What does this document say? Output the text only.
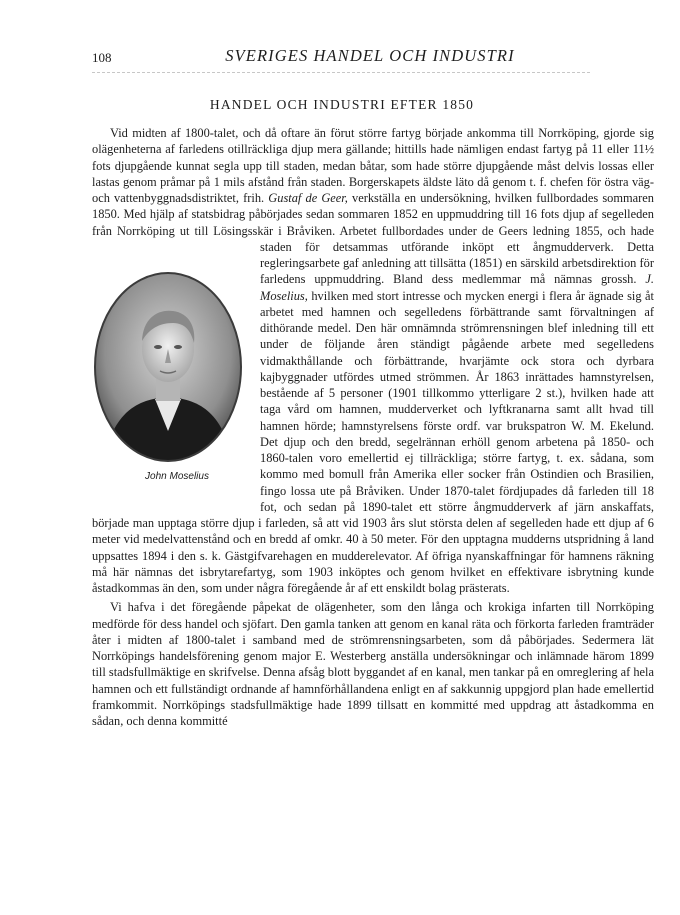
108	SVERIGES HANDEL OCH INDUSTRI
HANDEL OCH INDUSTRI EFTER 1850

Vid midten af 1800-talet, och då oftare än förut större fartyg började ankomma till Norrköping, gjorde sig olägenheterna af farledens otillräckliga djup mera gällande; hittills hade nämligen endast fartyg på 11 eller 11½ fots djupgående kunnat segla upp till staden, medan båtar, som hade större djupgående måst delvis lossas eller lastas genom pråmar på 1 mils afstånd från staden. Borgerskapets äldste läto då genom t. f. chefen för östra väg- och vattenbyggnadsdistriktet, frih. Gustaf de Geer, verkställa en undersökning, hvilken fullbordades sommaren 1850. Med hjälp af statsbidrag påbörjades sedan sommaren 1852 en uppmuddring till 16 fots djup af segelleden från Norrköping ut till Lösingsskär i Bråviken. Arbetet fullbordades under de Geers ledning 1855, och hade staden för detsammas utförande inköpt
John Moselius
ett ångmudderverk. Detta regleringsarbete gaf anledning att tillsätta (1851) en särskild arbetsdirektion för farledens uppmuddring. Bland dess medlemmar må nämnas grossh. J. Moselius, hvilken med stort intresse och mycken energi i flera år ägnade sig åt arbetet med hamnen och segelledens förbättrande samt förvaltningen af dithörande medel. Den här omnämnda strömrensningen blef inledning till ett under de följande åren ständigt pågående arbete med segelledens vidmakthållande och förbättrande, hvarjämte ock stora och dyrbara kajbyggnader utfördes utmed strömmen. År 1863 inrättades hamnstyrelsen, bestående af 5 personer (1901 tillkommo ytterligare 2 st.), hvilken hade att taga vård om hamnen, mudderverket och lyftkranarna samt allt hvad till hamnen hörde; hamnstyrelsens förste ordf. var brukspatron W. M. Ekelund. Det djup och den bredd, segelrännan erhöll genom arbetena på 1850- och 1860-talen voro emellertid ej tillräckliga; större fartyg, t. ex. sådana, som kommo med bomull från Amerika eller socker från Ostindien och Brasilien, fingo lossa ute på Bråviken. Under 1870-talet fördjupades då farleden till 18 fot, och sedan på 1890-talet ett större ångmudderverk af järn anskaffats, började man upptaga större djup i farleden, så att vid 1903 års slut största delen af segelleden hade ett djup af 6 meter vid medelvattenstånd och en bredd af omkr. 40 à 50 meter. För den upptagna mudderns utspridning å land uppsattes 1894 i den s. k. Gästgifvarehagen en mudderelevator. Af öfriga nyanskaffningar för hamnens räkning må här nämnas det isbrytarefartyg, som 1903 inköptes och genom hvilket en effektivare isbrytning kunde åstadkommas än den, som under några föregående år af ett enskildt bolag prästerats.

Vi hafva i det föregående påpekat de olägenheter, som den långa och krokiga infarten till Norrköping medförde för dess handel och sjöfart. Den gamla tanken att genom en kanal räta och förkorta farleden framträder åter i midten af 1800-talet i samband med de strömrensningsarbeten, som då påbörjades. Sedermera lät Norrköpings handelsförening genom major E. Westerberg anställa undersökningar och inlämnade härom 1899 till stadsfullmäktige en skrifvelse. Denna afsåg blott byggandet af en kanal, men tankar på en omreglering af hela hamnen och ett fullständigt ordnande af hamnförhållandena enligt en af sakkunnig uppgjord plan hade emellertid framkommit. Norrköpings stadsfullmäktige hade 1899 tillsatt en kommitté med uppdrag att åstadkomma en sådan, och denna kommitté
